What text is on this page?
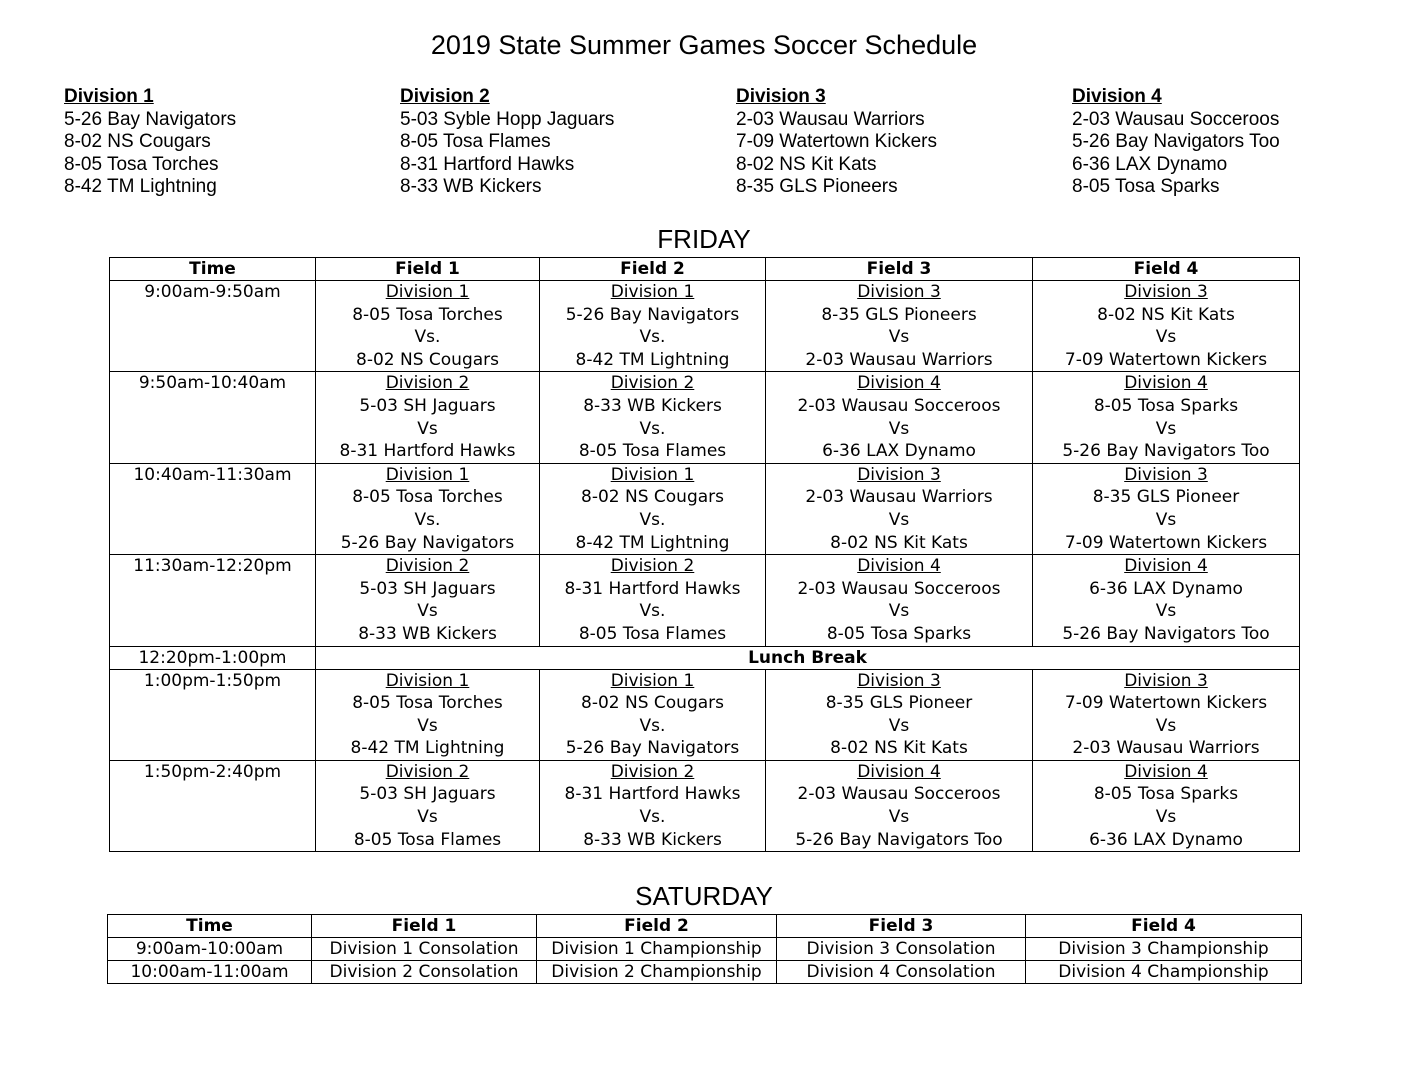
2019 State Summer Games Soccer Schedule
Division 1
5-26 Bay Navigators
8-02 NS Cougars
8-05 Tosa Torches
8-42 TM Lightning
Division 2
5-03 Syble Hopp Jaguars
8-05 Tosa Flames
8-31 Hartford Hawks
8-33 WB Kickers
Division 3
2-03 Wausau Warriors
7-09 Watertown Kickers
8-02 NS Kit Kats
8-35 GLS Pioneers
Division 4
2-03 Wausau Socceroos
5-26 Bay Navigators Too
6-36 LAX Dynamo
8-05 Tosa Sparks
FRIDAY
Time	Field 1	Field 2	Field 3	Field 4
9:00am-9:50am	Division 1
8-05 Tosa Torches
Vs.
8-02 NS Cougars	Division 1
5-26 Bay Navigators
Vs.
8-42 TM Lightning	Division 3
8-35 GLS Pioneers
Vs
2-03 Wausau Warriors	Division 3
8-02 NS Kit Kats
Vs
7-09 Watertown Kickers

9:50am-10:40am	Division 2
5-03 SH Jaguars
Vs
8-31 Hartford Hawks	Division 2
8-33 WB Kickers
Vs.
8-05 Tosa Flames	Division 4
2-03 Wausau Socceroos
Vs
6-36 LAX Dynamo	Division 4
8-05 Tosa Sparks
Vs
5-26 Bay Navigators Too

10:40am-11:30am	Division 1
8-05 Tosa Torches
Vs.
5-26 Bay Navigators	Division 1
8-02 NS Cougars
Vs.
8-42 TM Lightning	Division 3
2-03 Wausau Warriors
Vs
8-02 NS Kit Kats	Division 3
8-35 GLS Pioneer
Vs
7-09 Watertown Kickers

11:30am-12:20pm	Division 2
5-03 SH Jaguars
Vs
8-33 WB Kickers	Division 2
8-31 Hartford Hawks
Vs.
8-05 Tosa Flames	Division 4
2-03 Wausau Socceroos
Vs
8-05 Tosa Sparks	Division 4
6-36 LAX Dynamo
Vs
5-26 Bay Navigators Too

12:20pm-1:00pm	Lunch Break			
1:00pm-1:50pm	Division 1
8-05 Tosa Torches
Vs
8-42 TM Lightning	Division 1
8-02 NS Cougars
Vs.
5-26 Bay Navigators	Division 3
8-35 GLS Pioneer
Vs
8-02 NS Kit Kats	Division 3
7-09 Watertown Kickers
Vs
2-03 Wausau Warriors

1:50pm-2:40pm	Division 2
5-03 SH Jaguars
Vs
8-05 Tosa Flames	Division 2
8-31 Hartford Hawks
Vs.
8-33 WB Kickers	Division 4
2-03 Wausau Socceroos
Vs
5-26 Bay Navigators Too	Division 4
8-05 Tosa Sparks
Vs
6-36 LAX Dynamo
SATURDAY
Time	Field 1	Field 2	Field 3	Field 4
9:00am-10:00am	Division 1 Consolation	Division 1 Championship	Division 3 Consolation	Division 3 Championship
10:00am-11:00am	Division 2 Consolation	Division 2 Championship	Division 4 Consolation	Division 4 Championship
